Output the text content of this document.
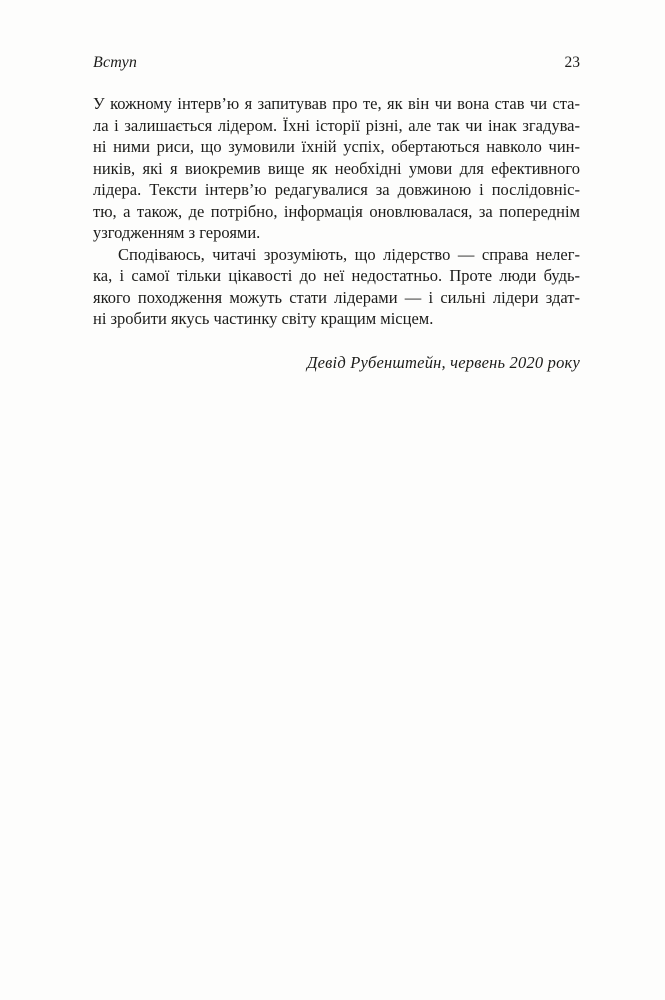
Вступ	23
У кожному інтерв’ю я запитував про те, як він чи вона став чи ста-
ла і залишається лідером. Їхні історії різні, але так чи інак згадува-
ні ними риси, що зумовили їхній успіх, обертаються навколо чин-
ників, які я виокремив вище як необхідні умови для ефективного
лідера. Тексти інтерв’ю редагувалися за довжиною і послідовніс-
тю, а також, де потрібно, інформація оновлювалася, за попереднім
узгодженням з героями.
Сподіваюсь, читачі зрозуміють, що лідерство — справа нелег-
ка, і самої тільки цікавості до неї недостатньо. Проте люди будь-
якого походження можуть стати лідерами — і сильні лідери здат-
ні зробити якусь частинку світу кращим місцем.
Девід Рубенштейн, червень 2020 року
